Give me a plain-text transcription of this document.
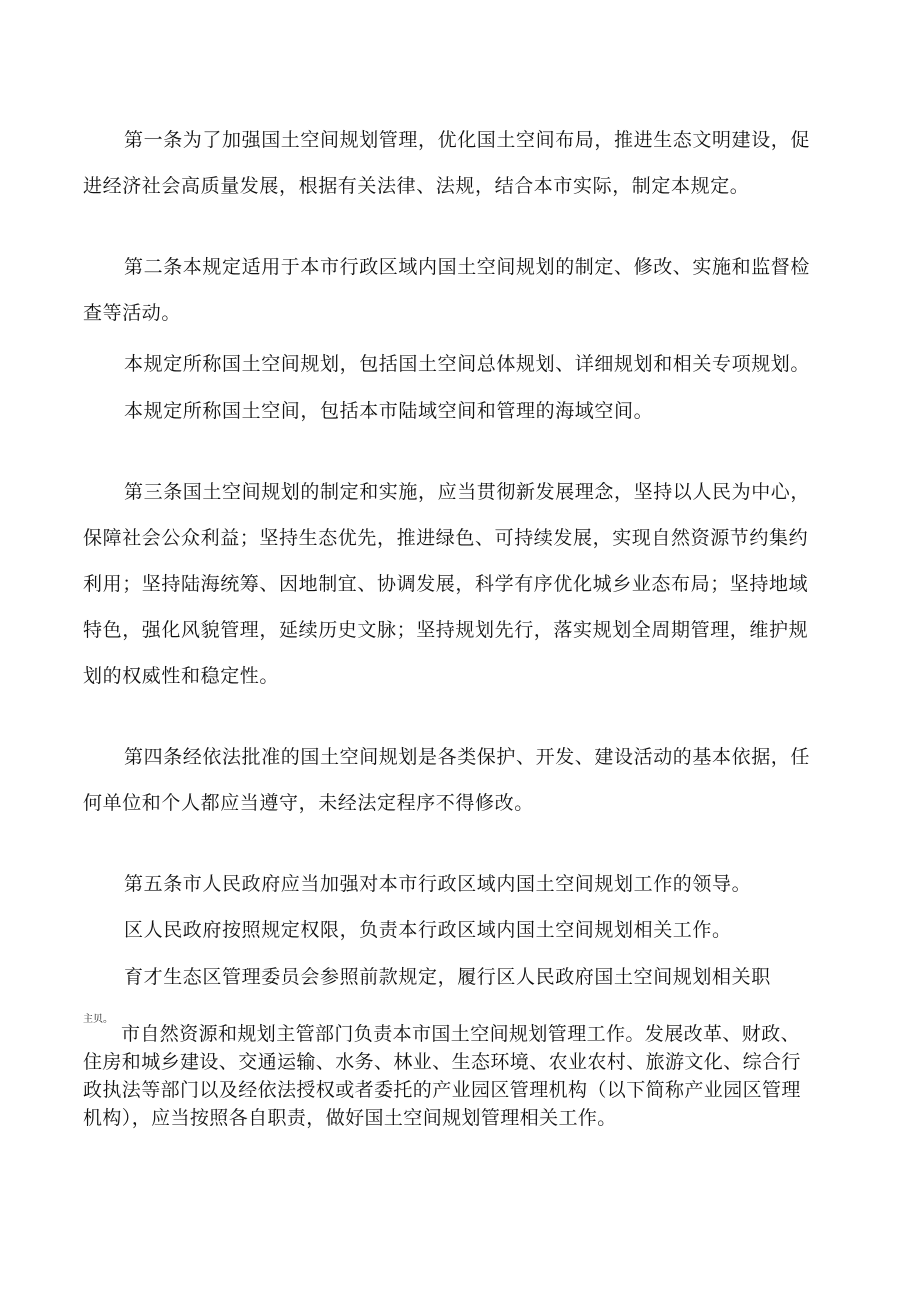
第一条为了加强国土空间规划管理，优化国土空间布局，推进生态文明建设，促
进经济社会高质量发展，根据有关法律、法规，结合本市实际，制定本规定。
第二条本规定适用于本市行政区域内国土空间规划的制定、修改、实施和监督检
查等活动。
本规定所称国土空间规划，包括国土空间总体规划、详细规划和相关专项规划。
本规定所称国土空间，包括本市陆域空间和管理的海域空间。
第三条国土空间规划的制定和实施，应当贯彻新发展理念，坚持以人民为中心，
保障社会公众利益；坚持生态优先，推进绿色、可持续发展，实现自然资源节约集约
利用；坚持陆海统筹、因地制宜、协调发展，科学有序优化城乡业态布局；坚持地域
特色，强化风貌管理，延续历史文脉；坚持规划先行，落实规划全周期管理，维护规
划的权威性和稳定性。
第四条经依法批准的国土空间规划是各类保护、开发、建设活动的基本依据，任
何单位和个人都应当遵守，未经法定程序不得修改。
第五条市人民政府应当加强对本市行政区域内国土空间规划工作的领导。
区人民政府按照规定权限，负责本行政区域内国土空间规划相关工作。
育才生态区管理委员会参照前款规定，履行区人民政府国土空间规划相关职
主贝。
市自然资源和规划主管部门负责本市国土空间规划管理工作。发展改革、财政、
住房和城乡建设、交通运输、水务、林业、生态环境、农业农村、旅游文化、综合行
政执法等部门以及经依法授权或者委托的产业园区管理机构（以下简称产业园区管理
机构），应当按照各自职责，做好国土空间规划管理相关工作。
